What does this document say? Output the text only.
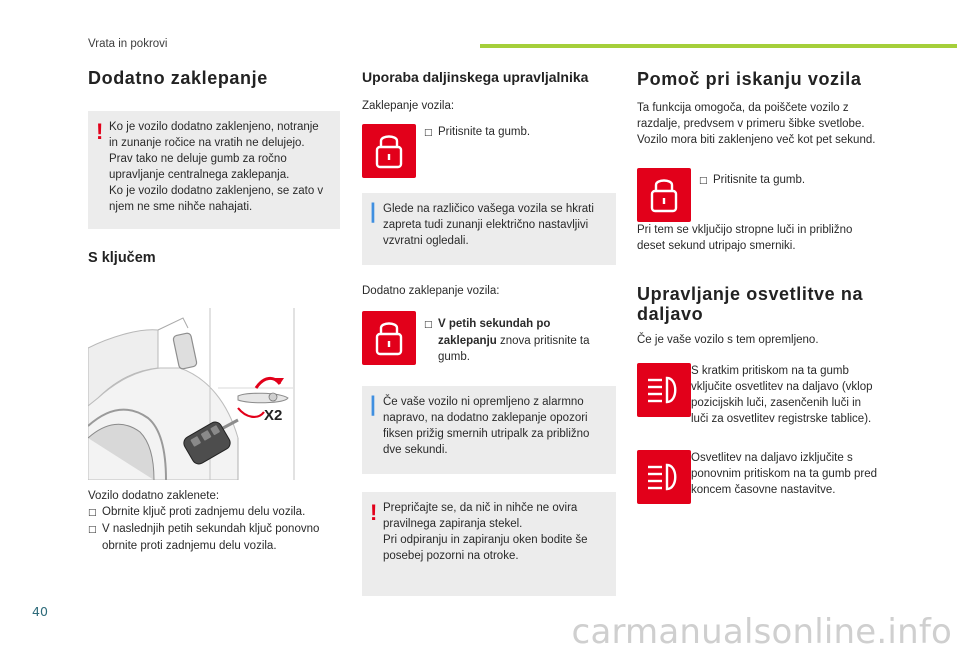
Vrata in pokrovi
Dodatno zaklepanje
! Ko je vozilo dodatno zaklenjeno, notranje
in zunanje ročice na vratih ne delujejo.
Prav tako ne deluje gumb za ročno
upravljanje centralnega zaklepanja.
Ko je vozilo dodatno zaklenjeno, se zato v
njem ne sme nihče nahajati.
S ključem
X2
Vozilo dodatno zaklenete:
□ Obrnite ključ proti zadnjemu delu vozila.
□ V naslednjih petih sekundah ključ ponovno
obrnite proti zadnjemu delu vozila.
Uporaba daljinskega upravljalnika
Zaklepanje vozila:
□ Pritisnite ta gumb.
| Glede na različico vašega vozila se hkrati
zapreta tudi zunanji električno nastavljivi
vzvratni ogledali.
Dodatno zaklepanje vozila:
□ V petih sekundah po
zaklepanju znova pritisnite ta
gumb.
| Če vaše vozilo ni opremljeno z alarmno
napravo, na dodatno zaklepanje opozori
fiksen prižig smernih utripalk za približno
dve sekundi.
! Prepričajte se, da nič in nihče ne ovira
pravilnega zapiranja stekel.
Pri odpiranju in zapiranju oken bodite še
posebej pozorni na otroke.
Pomoč pri iskanju vozila
Ta funkcija omogoča, da poiščete vozilo z
razdalje, predvsem v primeru šibke svetlobe.
Vozilo mora biti zaklenjeno več kot pet sekund.
□ Pritisnite ta gumb.
Pri tem se vključijo stropne luči in približno
deset sekund utripajo smerniki.
Upravljanje osvetlitve na
daljavo
Če je vaše vozilo s tem opremljeno.
S kratkim pritiskom na ta gumb
vključite osvetlitev na daljavo (vklop
pozicijskih luči, zasenčenih luči in
luči za osvetlitev registrske tablice).
Osvetlitev na daljavo izključite s
ponovnim pritiskom na ta gumb pred
koncem časovne nastavitve.
40
carmanualsonline.info
